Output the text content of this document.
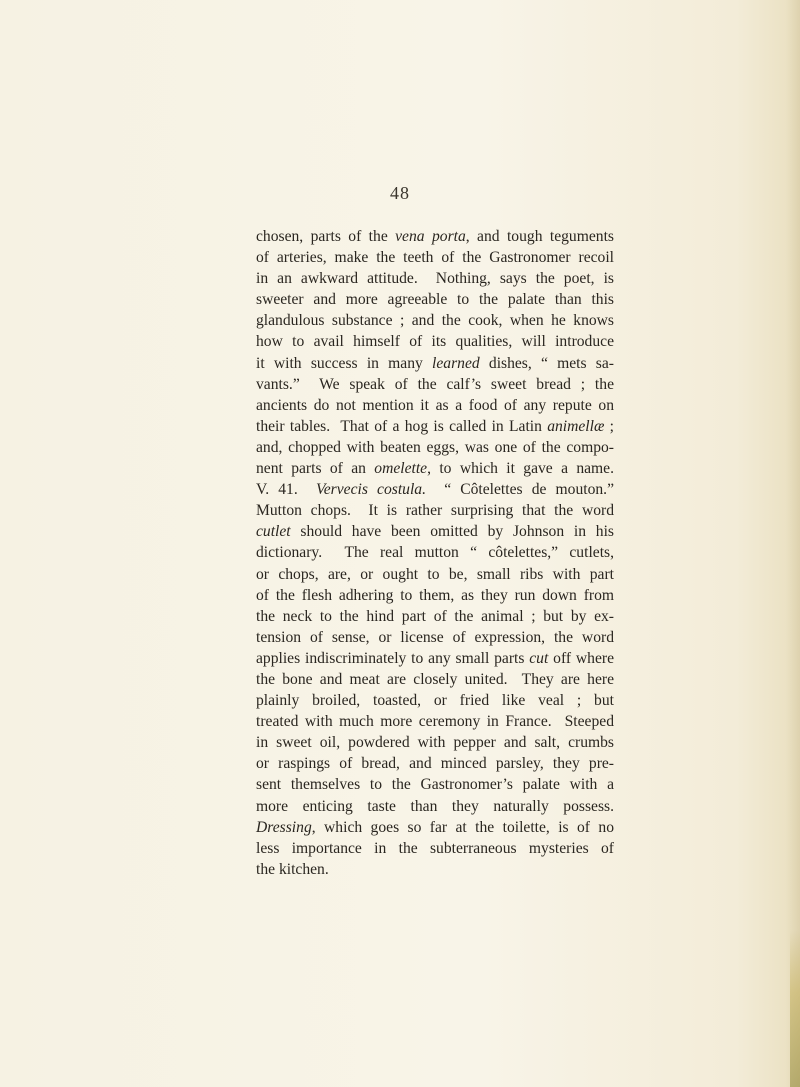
48
chosen, parts of the vena porta, and tough teguments
of arteries, make the teeth of the Gastronomer recoil
in an awkward attitude.  Nothing, says the poet, is
sweeter and more agreeable to the palate than this
glandulous substance ; and the cook, when he knows
how to avail himself of its qualities, will introduce
it with success in many learned dishes, “ mets sa-
vants.”  We speak of the calf’s sweet bread ; the
ancients do not mention it as a food of any repute on
their tables.  That of a hog is called in Latin animellæ ;
and, chopped with beaten eggs, was one of the compo-
nent parts of an omelette, to which it gave a name.
V. 41.  Vervecis costula.  “ Côtelettes de mouton.”
Mutton chops.  It is rather surprising that the word
cutlet should have been omitted by Johnson in his
dictionary.  The real mutton “ côtelettes,” cutlets,
or chops, are, or ought to be, small ribs with part
of the flesh adhering to them, as they run down from
the neck to the hind part of the animal ; but by ex-
tension of sense, or license of expression, the word
applies indiscriminately to any small parts cut off where
the bone and meat are closely united.  They are here
plainly broiled, toasted, or fried like veal ; but
treated with much more ceremony in France.  Steeped
in sweet oil, powdered with pepper and salt, crumbs
or raspings of bread, and minced parsley, they pre-
sent themselves to the Gastronomer’s palate with a
more enticing taste than they naturally possess.
Dressing, which goes so far at the toilette, is of no
less importance in the subterraneous mysteries of
the kitchen.
